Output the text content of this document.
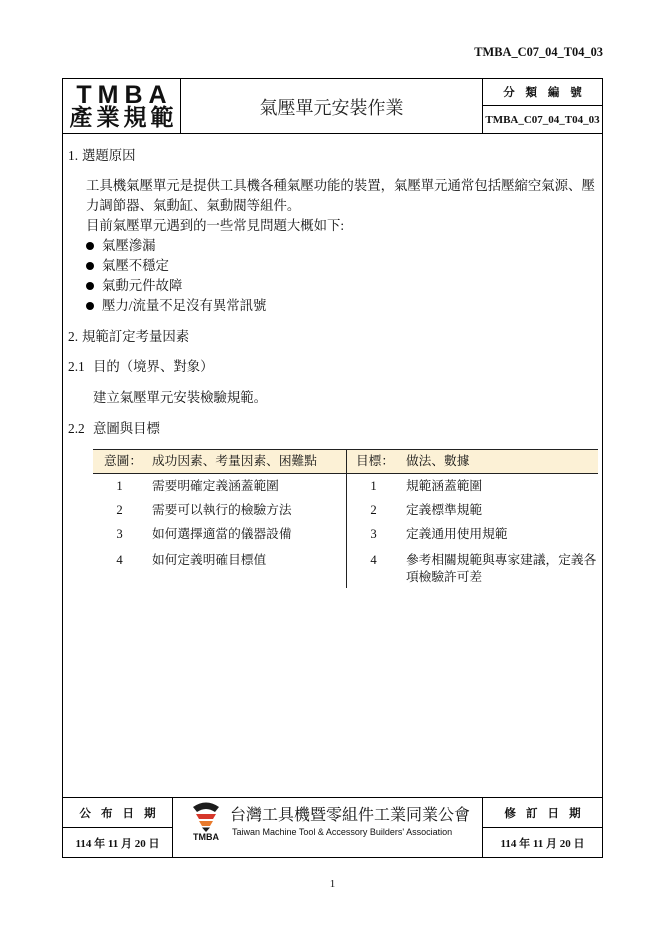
TMBA_C07_04_T04_03
TMBA
產業規範	氣壓單元安裝作業
分 類 編 號
TMBA_C07_04_T04_03
1. 選題原因

工具機氣壓單元是提供工具機各種氣壓功能的裝置，氣壓單元通常包括壓縮空氣源、壓力調節器、氣動缸、氣動閥等組件。

目前氣壓單元遇到的一些常見問題大概如下:

氣壓滲漏
氣壓不穩定
氣動元件故障
壓力/流量不足沒有異常訊號
2. 規範訂定考量因素
2.1 目的（境界、對象）
建立氣壓單元安裝檢驗規範。
2.2 意圖與目標
意圖： 成功因素、考量因素、困難點	目標： 做法、數據
1	需要明確定義涵蓋範圍	1	規範涵蓋範圍
2	需要可以執行的檢驗方法	2	定義標準規範
3	如何選擇適當的儀器設備	3	定義通用使用規範
4	如何定義明確目標值	4	參考相關規範與專家建議，定義各項檢驗許可差
公 布 日 期
114 年 11 月 20 日
TMBA
台灣工具機暨零組件工業同業公會
Taiwan Machine Tool & Accessory Builders' Association
修 訂 日 期
114 年 11 月 20 日
1
